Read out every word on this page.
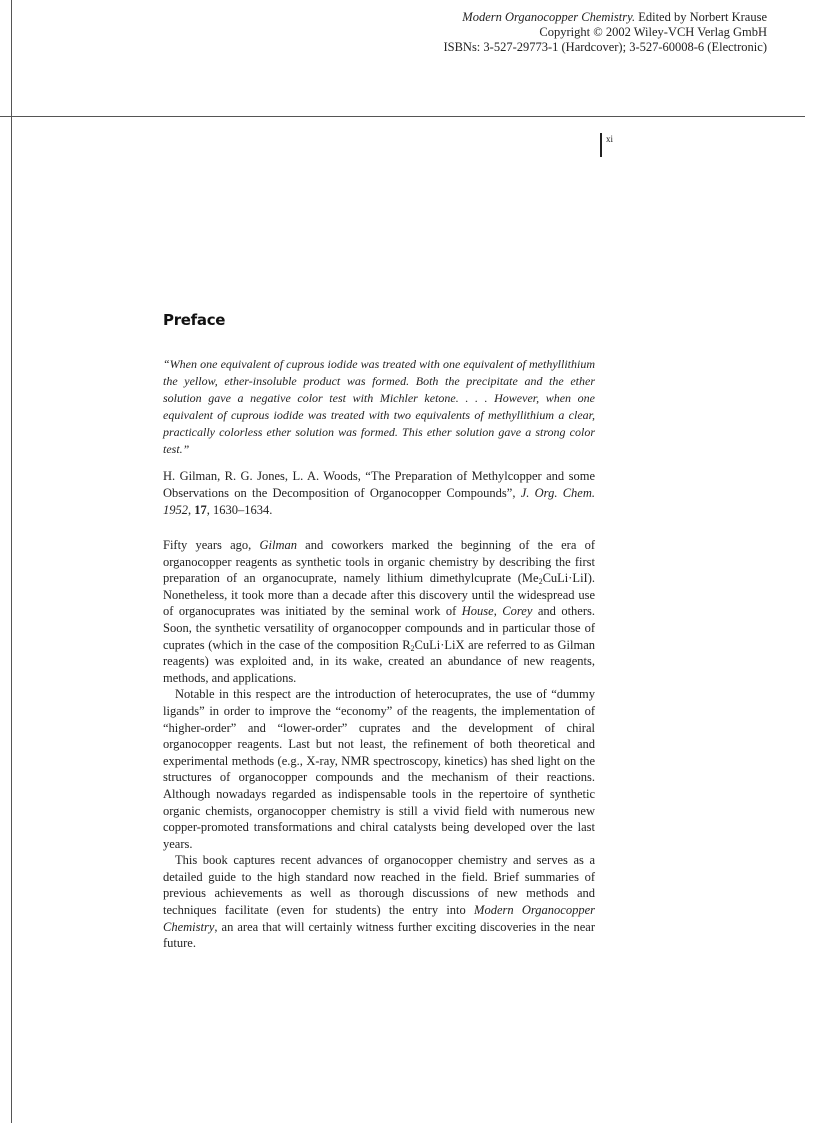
Modern Organocopper Chemistry. Edited by Norbert Krause
Copyright © 2002 Wiley-VCH Verlag GmbH
ISBNs: 3-527-29773-1 (Hardcover); 3-527-60008-6 (Electronic)
xi
Preface

“When one equivalent of cuprous iodide was treated with one equivalent of methyllithium the yellow, ether-insoluble product was formed. Both the precipitate and the ether solution gave a negative color test with Michler ketone. . . . However, when one equivalent of cuprous iodide was treated with two equivalents of methyllithium a clear, practically colorless ether solution was formed. This ether solution gave a strong color test.”

H. Gilman, R. G. Jones, L. A. Woods, “The Preparation of Methylcopper and some Observations on the Decomposition of Organocopper Compounds”, J. Org. Chem. 1952, 17, 1630–1634.

Fifty years ago, Gilman and coworkers marked the beginning of the era of organocopper reagents as synthetic tools in organic chemistry by describing the first preparation of an organocuprate, namely lithium dimethylcuprate $(Me_2CuLi\cdot LiI)$. Nonetheless, it took more than a decade after this discovery until the widespread use of organocuprates was initiated by the seminal work of House, Corey and others. Soon, the synthetic versatility of organocopper compounds and in particular those of cuprates (which in the case of the composition $R_2CuLi\cdot LiX$ are referred to as Gilman reagents) was exploited and, in its wake, created an abundance of new reagents, methods, and applications.

Notable in this respect are the introduction of heterocuprates, the use of “dummy ligands” in order to improve the “economy” of the reagents, the implementation of “higher-order” and “lower-order” cuprates and the development of chiral organocopper reagents. Last but not least, the refinement of both theoretical and experimental methods (e.g., X-ray, NMR spectroscopy, kinetics) has shed light on the structures of organocopper compounds and the mechanism of their reactions. Although nowadays regarded as indispensable tools in the repertoire of synthetic organic chemists, organocopper chemistry is still a vivid field with numerous new copper-promoted transformations and chiral catalysts being developed over the last years.

This book captures recent advances of organocopper chemistry and serves as a detailed guide to the high standard now reached in the field. Brief summaries of previous achievements as well as thorough discussions of new methods and techniques facilitate (even for students) the entry into Modern Organocopper Chemistry, an area that will certainly witness further exciting discoveries in the near future.
